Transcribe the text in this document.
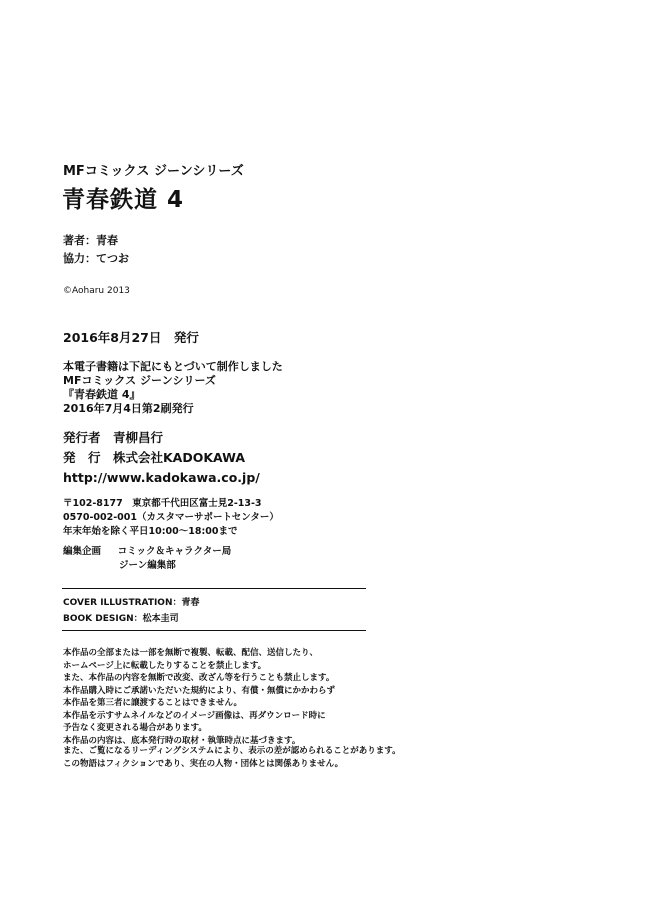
MFコミックス ジーンシリーズ
青春鉄道 4
著者：青春
協力：てつお
©Aoharu 2013
2016年8月27日　発行
本電子書籍は下記にもとづいて制作しました
MFコミックス ジーンシリーズ
『青春鉄道 4』
2016年7月4日第2刷発行
発行者　青柳昌行
発　行　株式会社KADOKAWA
http://www.kadokawa.co.jp/
〒102-8177　東京都千代田区富士見2-13-3
0570-002-001（カスタマーサポートセンター）
年末年始を除く平日10:00～18:00まで
編集企画 コミック＆キャラクター局
ジーン編集部
COVER ILLUSTRATION：青春
BOOK DESIGN：松本圭司
本作品の全部または一部を無断で複製、転載、配信、送信したり、
ホームページ上に転載したりすることを禁止します。
また、本作品の内容を無断で改変、改ざん等を行うことも禁止します。
本作品購入時にご承諾いただいた規約により、有償・無償にかかわらず
本作品を第三者に譲渡することはできません。
本作品を示すサムネイルなどのイメージ画像は、再ダウンロード時に
予告なく変更される場合があります。
本作品の内容は、底本発行時の取材・執筆時点に基づきます。
また、ご覧になるリーディングシステムにより、表示の差が認められることがあります。
この物語はフィクションであり、実在の人物・団体とは関係ありません。
